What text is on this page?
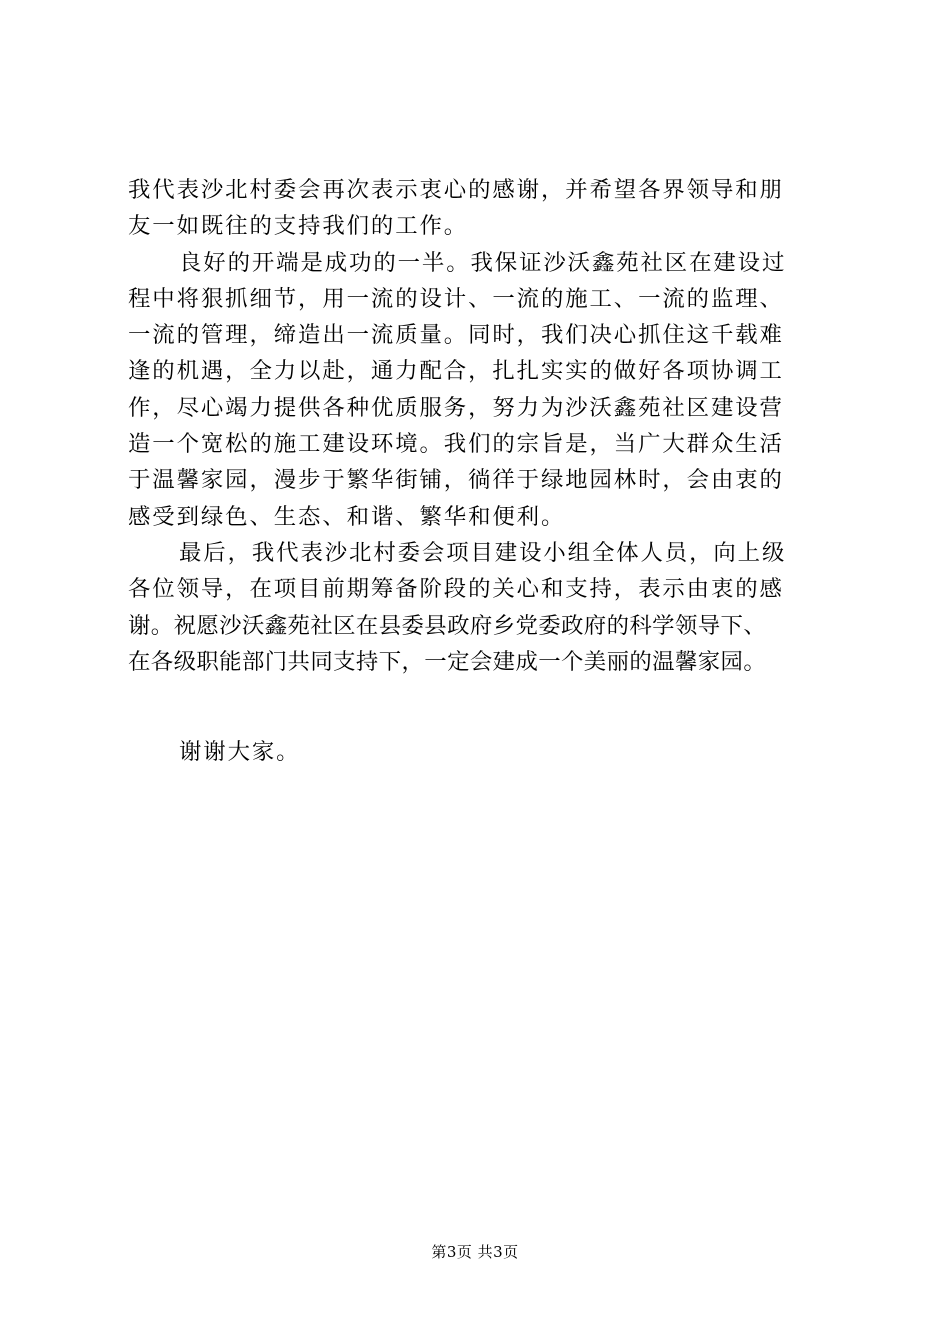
我代表沙北村委会再次表示衷心的感谢，并希望各界领导和朋
友一如既往的支持我们的工作。
良好的开端是成功的一半。我保证沙沃鑫苑社区在建设过
程中将狠抓细节，用一流的设计、一流的施工、一流的监理、
一流的管理，缔造出一流质量。同时，我们决心抓住这千载难
逢的机遇，全力以赴，通力配合，扎扎实实的做好各项协调工
作，尽心竭力提供各种优质服务，努力为沙沃鑫苑社区建设营
造一个宽松的施工建设环境。我们的宗旨是，当广大群众生活
于温馨家园，漫步于繁华街铺，徜徉于绿地园林时，会由衷的
感受到绿色、生态、和谐、繁华和便利。
最后，我代表沙北村委会项目建设小组全体人员，向上级
各位领导，在项目前期筹备阶段的关心和支持，表示由衷的感
谢。祝愿沙沃鑫苑社区在县委县政府乡党委政府的科学领导下、
在各级职能部门共同支持下，一定会建成一个美丽的温馨家园。
谢谢大家。
第3页 共3页
